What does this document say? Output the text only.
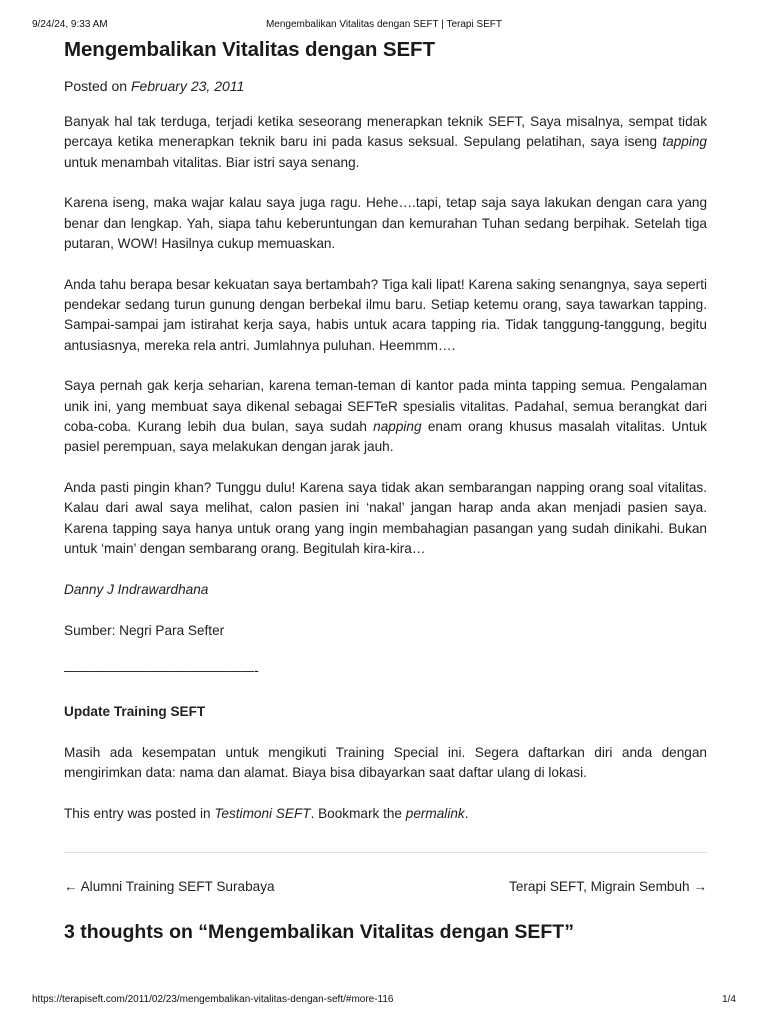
9/24/24, 9:33 AM	Mengembalikan Vitalitas dengan SEFT | Terapi SEFT
Mengembalikan Vitalitas dengan SEFT
Posted on February 23, 2011

Banyak hal tak terduga, terjadi ketika seseorang menerapkan teknik SEFT, Saya misalnya, sempat tidak percaya ketika menerapkan teknik baru ini pada kasus seksual. Sepulang pelatihan, saya iseng tapping untuk menambah vitalitas. Biar istri saya senang.

Karena iseng, maka wajar kalau saya juga ragu. Hehe….tapi, tetap saja saya lakukan dengan cara yang benar dan lengkap. Yah, siapa tahu keberuntungan dan kemurahan Tuhan sedang berpihak. Setelah tiga putaran, WOW! Hasilnya cukup memuaskan.

Anda tahu berapa besar kekuatan saya bertambah? Tiga kali lipat! Karena saking senangnya, saya seperti pendekar sedang turun gunung dengan berbekal ilmu baru. Setiap ketemu orang, saya tawarkan tapping. Sampai-sampai jam istirahat kerja saya, habis untuk acara tapping ria. Tidak tanggung-tanggung, begitu antusiasnya, mereka rela antri. Jumlahnya puluhan. Heemmm….

Saya pernah gak kerja seharian, karena teman-teman di kantor pada minta tapping semua. Pengalaman unik ini, yang membuat saya dikenal sebagai SEFTeR spesialis vitalitas. Padahal, semua berangkat dari coba-coba. Kurang lebih dua bulan, saya sudah napping enam orang khusus masalah vitalitas. Untuk pasiel perempuan, saya melakukan dengan jarak jauh.

Anda pasti pingin khan? Tunggu dulu! Karena saya tidak akan sembarangan napping orang soal vitalitas. Kalau dari awal saya melihat, calon pasien ini ‘nakal’ jangan harap anda akan menjadi pasien saya. Karena tapping saya hanya untuk orang yang ingin membahagian pasangan yang sudah dinikahi. Bukan untuk ‘main’ dengan sembarang orang. Begitulah kira-kira…

Danny J Indrawardhana

Sumber: Negri Para Sefter

——————————————-

Update Training SEFT

Masih ada kesempatan untuk mengikuti Training Special ini. Segera daftarkan diri anda dengan mengirimkan data: nama dan alamat. Biaya bisa dibayarkan saat daftar ulang di lokasi.

This entry was posted in Testimoni SEFT. Bookmark the permalink.
← Alumni Training SEFT Surabaya	Terapi SEFT, Migrain Sembuh →
3 thoughts on “Mengembalikan Vitalitas dengan SEFT”
https://terapiseft.com/2011/02/23/mengembalikan-vitalitas-dengan-seft/#more-116	1/4
